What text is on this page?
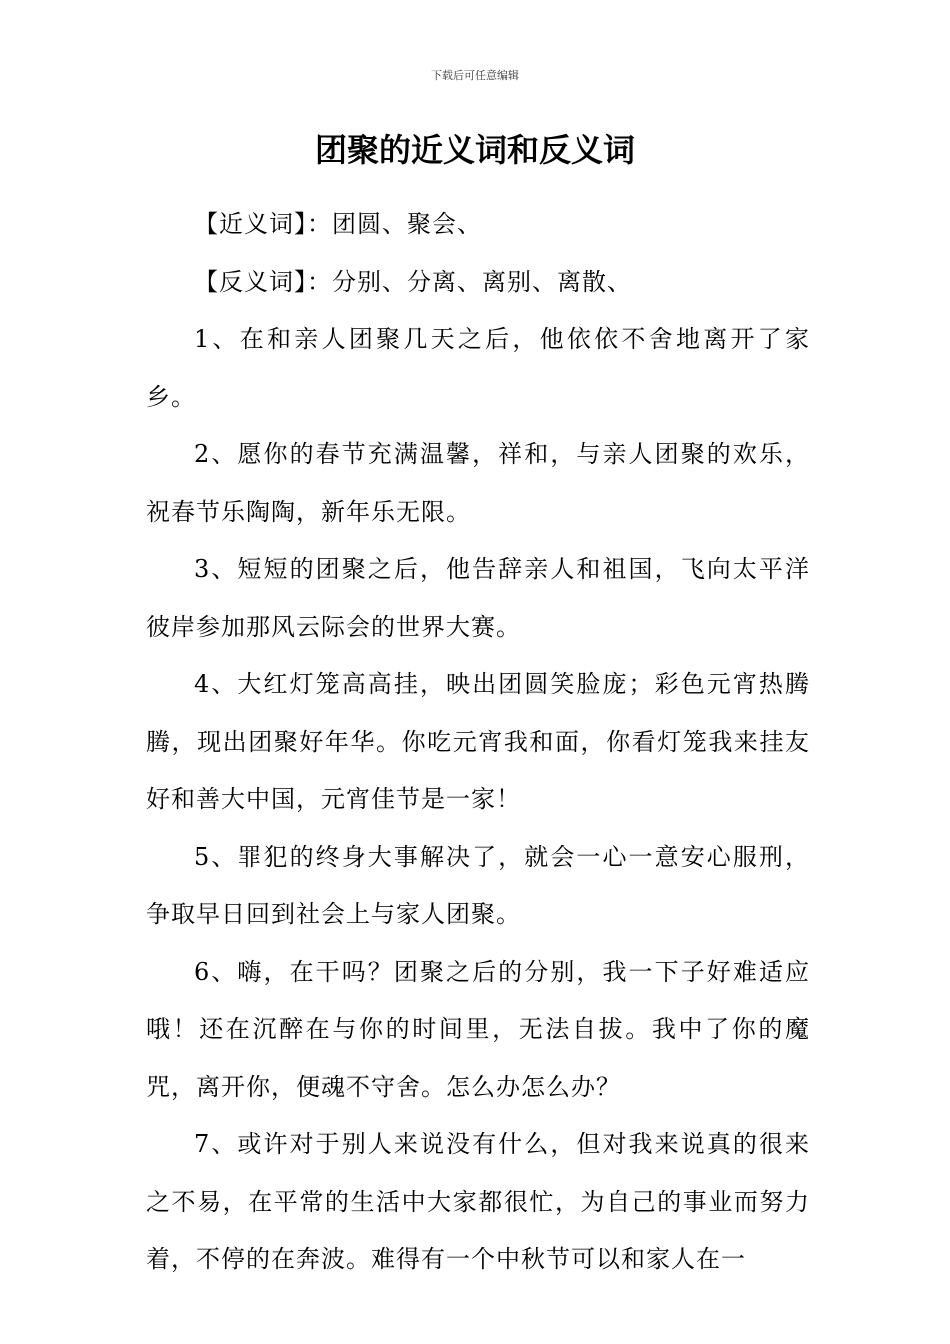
下载后可任意编辑
团聚的近义词和反义词

【近义词】：团圆、聚会、

【反义词】：分别、分离、离别、离散、

1、在和亲人团聚几天之后，他依依不舍地离开了家乡。

2、愿你的春节充满温馨，祥和，与亲人团聚的欢乐，祝春节乐陶陶，新年乐无限。

3、短短的团聚之后，他告辞亲人和祖国，飞向太平洋彼岸参加那风云际会的世界大赛。

4、大红灯笼高高挂，映出团圆笑脸庞；彩色元宵热腾腾，现出团聚好年华。你吃元宵我和面，你看灯笼我来挂友好和善大中国，元宵佳节是一家！

5、罪犯的终身大事解决了，就会一心一意安心服刑，争取早日回到社会上与家人团聚。

6、嗨，在干吗？团聚之后的分别，我一下子好难适应哦！还在沉醉在与你的时间里，无法自拔。我中了你的魔咒，离开你，便魂不守舍。怎么办怎么办？

7、或许对于别人来说没有什么，但对我来说真的很来之不易，在平常的生活中大家都很忙，为自己的事业而努力着，不停的在奔波。难得有一个中秋节可以和家人在一
